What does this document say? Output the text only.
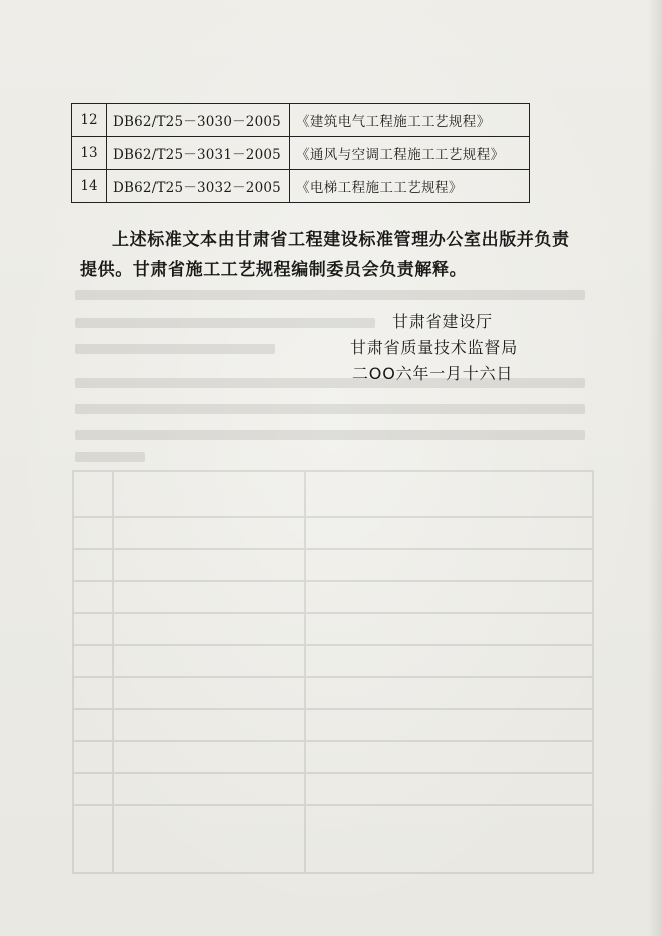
12	DB62/T25－3030－2005	《建筑电气工程施工工艺规程》
13	DB62/T25－3031－2005	《通风与空调工程施工工艺规程》
14	DB62/T25－3032－2005	《电梯工程施工工艺规程》
上述标准文本由甘肃省工程建设标准管理办公室出版并负责
提供。甘肃省施工工艺规程编制委员会负责解释。
甘肃省建设厅
甘肃省质量技术监督局
二OO六年一月十六日
